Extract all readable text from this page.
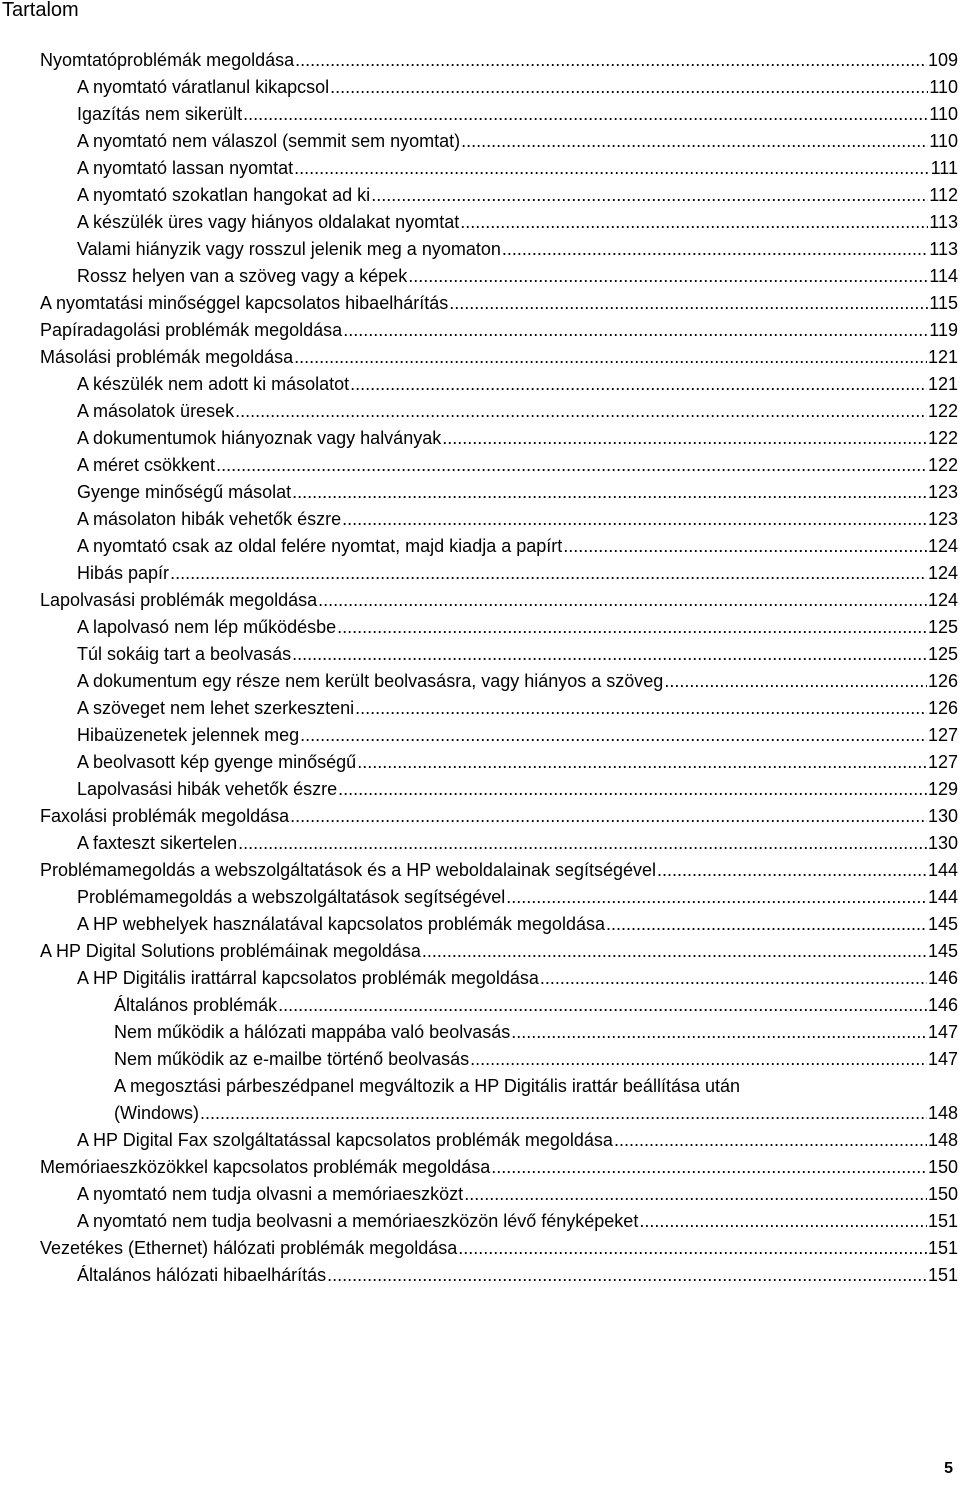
Tartalom
Nyomtatóproblémák megoldása .....	109
A nyomtató váratlanul kikapcsol .....	110
Igazítás nem sikerült .....	110
A nyomtató nem válaszol (semmit sem nyomtat) .....	110
A nyomtató lassan nyomtat .....	111
A nyomtató szokatlan hangokat ad ki .....	112
A készülék üres vagy hiányos oldalakat nyomtat .....	113
Valami hiányzik vagy rosszul jelenik meg a nyomaton .....	113
Rossz helyen van a szöveg vagy a képek .....	114
A nyomtatási minőséggel kapcsolatos hibaelhárítás .....	115
Papíradagolási problémák megoldása .....	119
Másolási problémák megoldása .....	121
A készülék nem adott ki másolatot .....	121
A másolatok üresek .....	122
A dokumentumok hiányoznak vagy halványak .....	122
A méret csökkent .....	122
Gyenge minőségű másolat .....	123
A másolaton hibák vehetők észre .....	123
A nyomtató csak az oldal felére nyomtat, majd kiadja a papírt .....	124
Hibás papír .....	124
Lapolvasási problémák megoldása .....	124
A lapolvasó nem lép működésbe .....	125
Túl sokáig tart a beolvasás .....	125
A dokumentum egy része nem került beolvasásra, vagy hiányos a szöveg .....	126
A szöveget nem lehet szerkeszteni .....	126
Hibaüzenetek jelennek meg .....	127
A beolvasott kép gyenge minőségű .....	127
Lapolvasási hibák vehetők észre .....	129
Faxolási problémák megoldása .....	130
A faxteszt sikertelen .....	130
Problémamegoldás a webszolgáltatások és a HP weboldalainak segítségével .....	144
Problémamegoldás a webszolgáltatások segítségével .....	144
A HP webhelyek használatával kapcsolatos problémák megoldása .....	145
A HP Digital Solutions problémáinak megoldása .....	145
A HP Digitális irattárral kapcsolatos problémák megoldása .....	146
Általános problémák .....	146
Nem működik a hálózati mappába való beolvasás .....	147
Nem működik az e-mailbe történő beolvasás .....	147
A megosztási párbeszédpanel megváltozik a HP Digitális irattár beállítása után
(Windows) .....	148
A HP Digital Fax szolgáltatással kapcsolatos problémák megoldása .....	148
Memóriaeszközökkel kapcsolatos problémák megoldása .....	150
A nyomtató nem tudja olvasni a memóriaeszközt .....	150
A nyomtató nem tudja beolvasni a memóriaeszközön lévő fényképeket .....	151
Vezetékes (Ethernet) hálózati problémák megoldása .....	151
Általános hálózati hibaelhárítás .....	151
5
